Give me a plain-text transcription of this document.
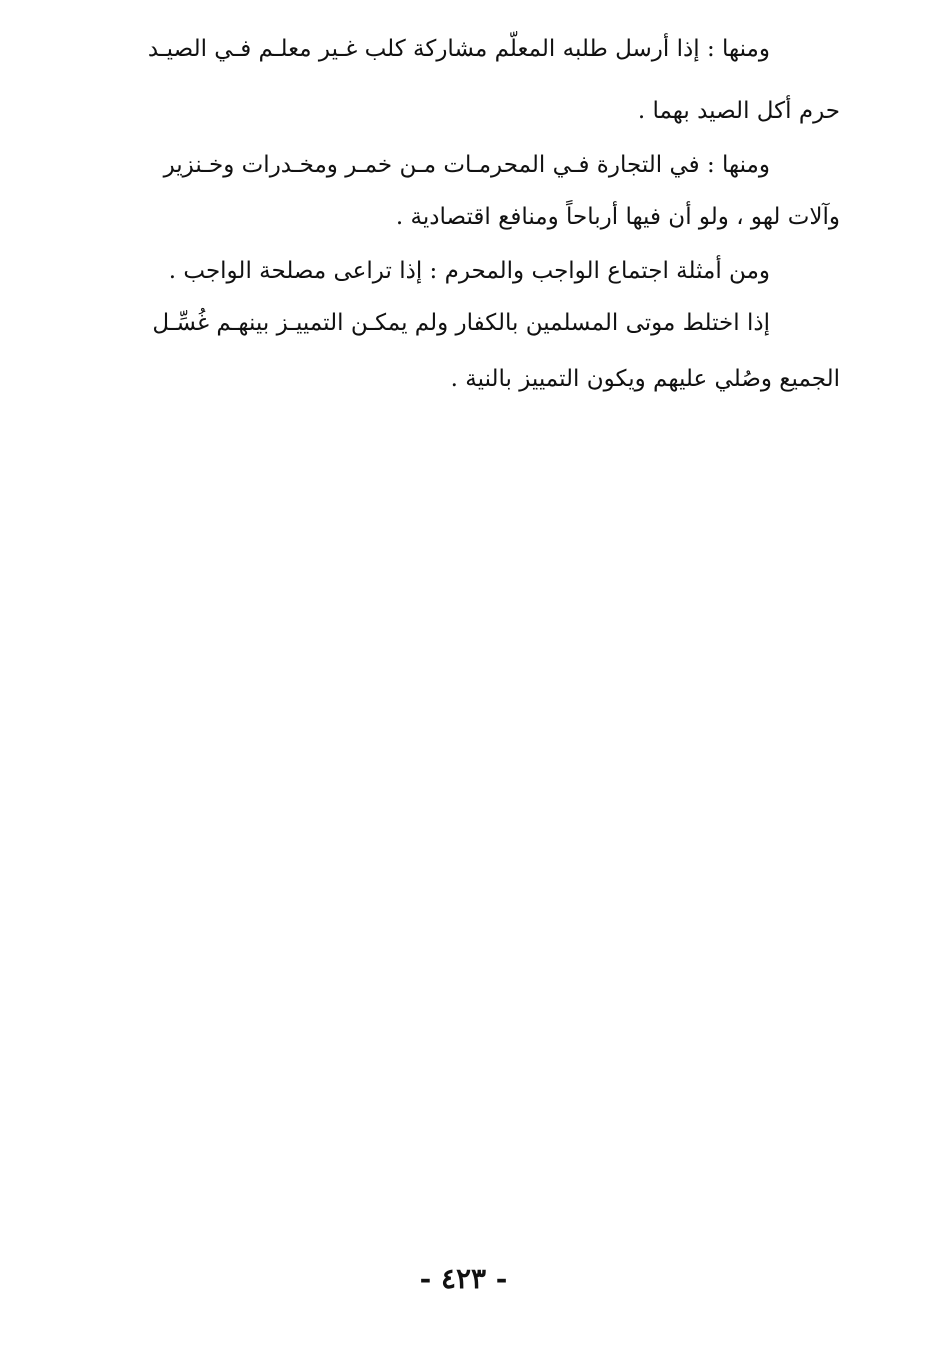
ومنها : إذا أرسل طلبه المعلّم مشاركة كلب غـير معلـم فـي الصيـد
حرم أكل الصيد بهما .
ومنها : في التجارة فـي المحرمـات مـن خمـر ومخـدرات وخـنزير
وآلات لهو ، ولو أن فيها أرباحاً ومنافع اقتصادية .
ومن أمثلة اجتماع الواجب والمحرم : إذا تراعى مصلحة الواجب .
إذا اختلط موتى المسلمين بالكفار ولم يمكـن التمييـز بينهـم غُسِّـل
الجميع وصُلي عليهم ويكون التمييز بالنية .
- ٤٢٣ -
